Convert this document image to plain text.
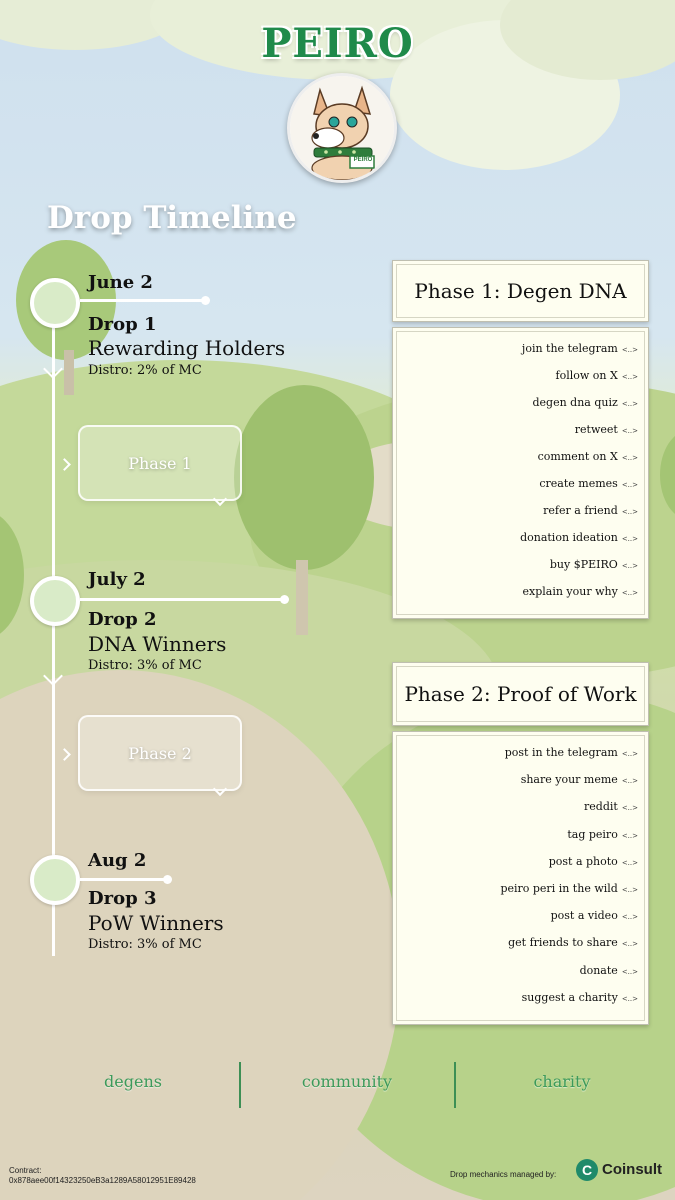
PEIRO
PEIRO
Drop Timeline
June 2
Drop 1
Rewarding Holders
Distro: 2% of MC
Phase 1
July 2
Drop 2
DNA Winners
Distro: 3% of MC
Phase 2
Aug 2
Drop 3
PoW Winners
Distro: 3% of MC
Phase 1: Degen DNA
join the telegram <..>
follow on X <..>
degen dna quiz <..>
retweet <..>
comment on X <..>
create memes <..>
refer a friend <..>
donation ideation <..>
buy $PEIRO <..>
explain your why <..>
Phase 2: Proof of Work
post in the telegram <..>
share your meme <..>
reddit <..>
tag peiro <..>
post a photo <..>
peiro peri in the wild <..>
post a video <..>
get friends to share <..>
donate <..>
suggest a charity <..>
degens	community	charity
Contract:
0x878aee00f14323250eB3a1289A58012951E89428
Drop mechanics managed by:	C Coinsult
